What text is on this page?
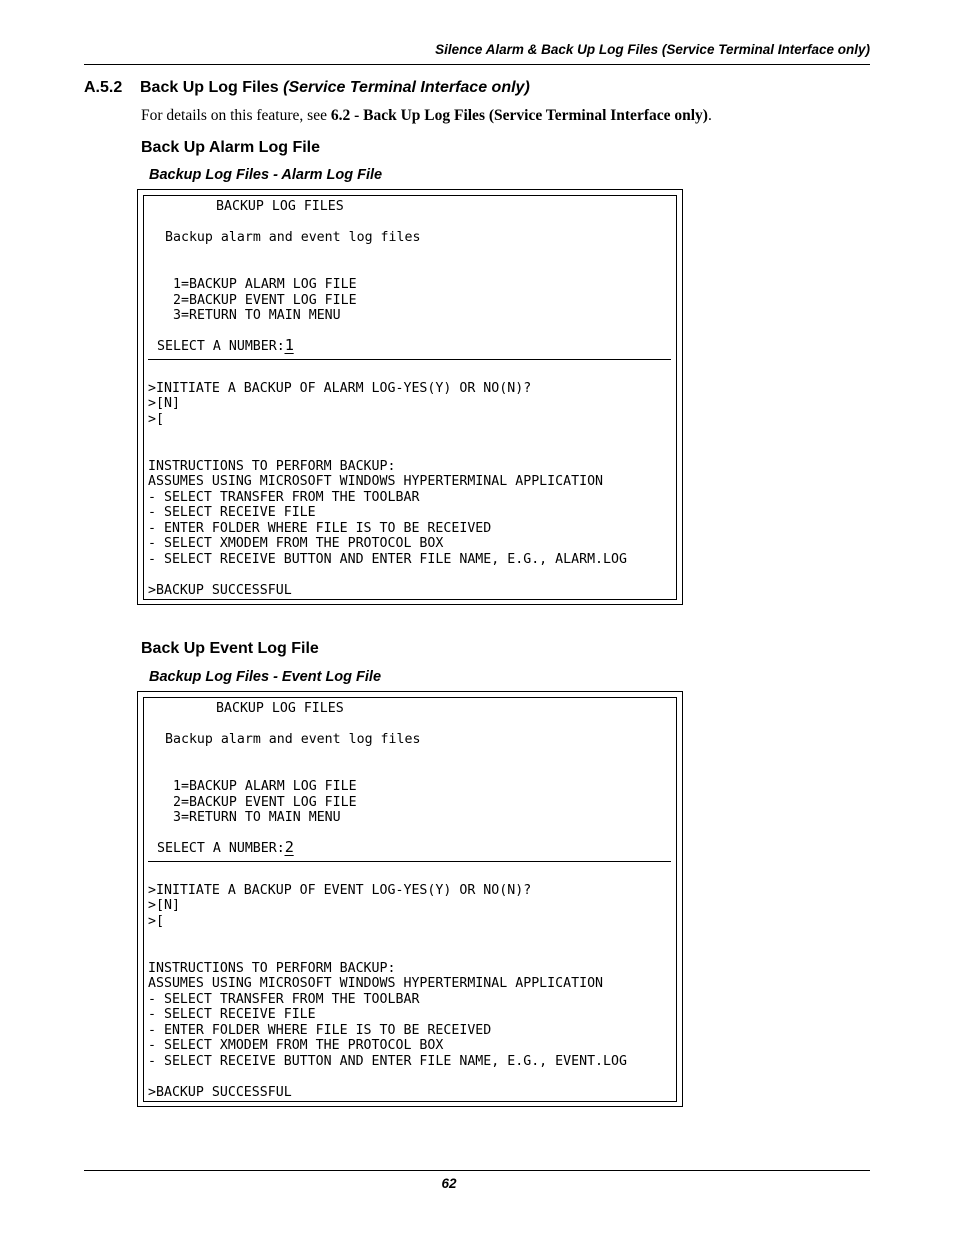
Silence Alarm & Back Up Log Files (Service Terminal Interface only)
A.5.2 Back Up Log Files (Service Terminal Interface only)
For details on this feature, see 6.2 - Back Up Log Files (Service Terminal Interface only).
Back Up Alarm Log File
Backup Log Files - Alarm Log File
BACKUP LOG FILES
Backup alarm and event log files
1=BACKUP ALARM LOG FILE
2=BACKUP EVENT LOG FILE
3=RETURN TO MAIN MENU
SELECT A NUMBER:1
>INITIATE A BACKUP OF ALARM LOG-YES(Y) OR NO(N)?
>[N]
>[
INSTRUCTIONS TO PERFORM BACKUP:
ASSUMES USING MICROSOFT WINDOWS HYPERTERMINAL APPLICATION
- SELECT TRANSFER FROM THE TOOLBAR
- SELECT RECEIVE FILE
- ENTER FOLDER WHERE FILE IS TO BE RECEIVED
- SELECT XMODEM FROM THE PROTOCOL BOX
- SELECT RECEIVE BUTTON AND ENTER FILE NAME, E.G., ALARM.LOG
>BACKUP SUCCESSFUL
Back Up Event Log File
Backup Log Files - Event Log File
BACKUP LOG FILES
Backup alarm and event log files
1=BACKUP ALARM LOG FILE
2=BACKUP EVENT LOG FILE
3=RETURN TO MAIN MENU
SELECT A NUMBER:2
>INITIATE A BACKUP OF EVENT LOG-YES(Y) OR NO(N)?
>[N]
>[
INSTRUCTIONS TO PERFORM BACKUP:
ASSUMES USING MICROSOFT WINDOWS HYPERTERMINAL APPLICATION
- SELECT TRANSFER FROM THE TOOLBAR
- SELECT RECEIVE FILE
- ENTER FOLDER WHERE FILE IS TO BE RECEIVED
- SELECT XMODEM FROM THE PROTOCOL BOX
- SELECT RECEIVE BUTTON AND ENTER FILE NAME, E.G., EVENT.LOG
>BACKUP SUCCESSFUL
62
